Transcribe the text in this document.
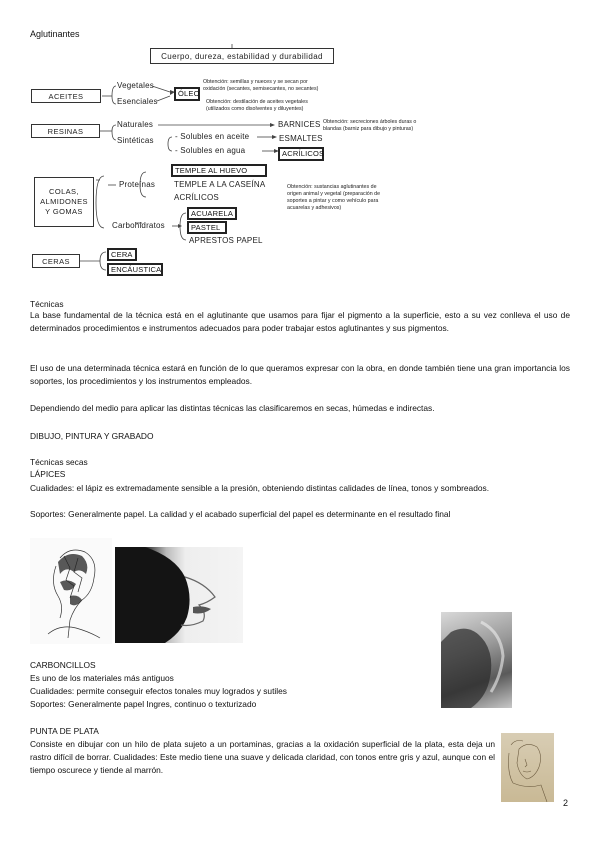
Aglutinantes
Cuerpo, dureza, estabilidad y durabilidad
ACEITES
RESINAS
COLAS, ALMIDONES Y GOMAS
CERAS
Vegetales
Esenciales
ÓLEO
Obtención: semillas y nueces y se secan por
oxidación (secantes, semisecantes, no secantes)
Obtención: destilación de aceites vegetales
(utilizados como disolventes y diluyentes)
Naturales
Sintéticas	- Solubles en aceite
- Solubles en agua
BARNICES
ESMALTES
ACRÍLICOS
Obtención: secreciones árboles duras o
blandas (barniz para dibujo y pinturas)
Proteínas
TEMPLE AL HUEVO
TEMPLE A LA CASEÍNA
ACRÍLICOS
Carbohidratos
ACUARELA
PASTEL
APRESTOS PAPEL
Obtención: sustancias aglutinantes de
origen animal y vegetal (preparación de
soportes a pintar y como vehículo para
acuarelas y adhesivos)
CERA
ENCÁUSTICA
Técnicas
La base fundamental de la técnica está en el aglutinante que usamos para fijar el pigmento a la superficie, esto a su vez conlleva el uso de determinados procedimientos e instrumentos adecuados para poder trabajar estos aglutinantes y sus pigmentos.
El uso de una determinada técnica estará en función de lo que queramos expresar con la obra, en donde también tiene una gran importancia los soportes, los procedimientos y los instrumentos empleados.
Dependiendo del medio para aplicar las distintas técnicas las clasificaremos en secas, húmedas e indirectas.
DIBUJO, PINTURA Y GRABADO
Técnicas secas
LÁPICES
Cualidades: el lápiz es extremadamente sensible a la presión, obteniendo distintas calidades de línea, tonos y sombreados.
Soportes: Generalmente papel. La calidad y el acabado superficial del papel es determinante en el resultado final
CARBONCILLOS
Es uno de los materiales más antiguos
Cualidades: permite conseguir efectos tonales muy logrados y sutiles
Soportes: Generalmente papel Ingres, continuo o texturizado
PUNTA DE PLATA
Consiste en dibujar con un hilo de plata sujeto a un portaminas, gracias a la oxidación superficial de la plata, esta deja un rastro difícil de borrar. Cualidades: Este medio tiene una suave y delicada claridad, con tonos entre gris y azul, aunque con el tiempo oscurece y tiende al marrón.
2
